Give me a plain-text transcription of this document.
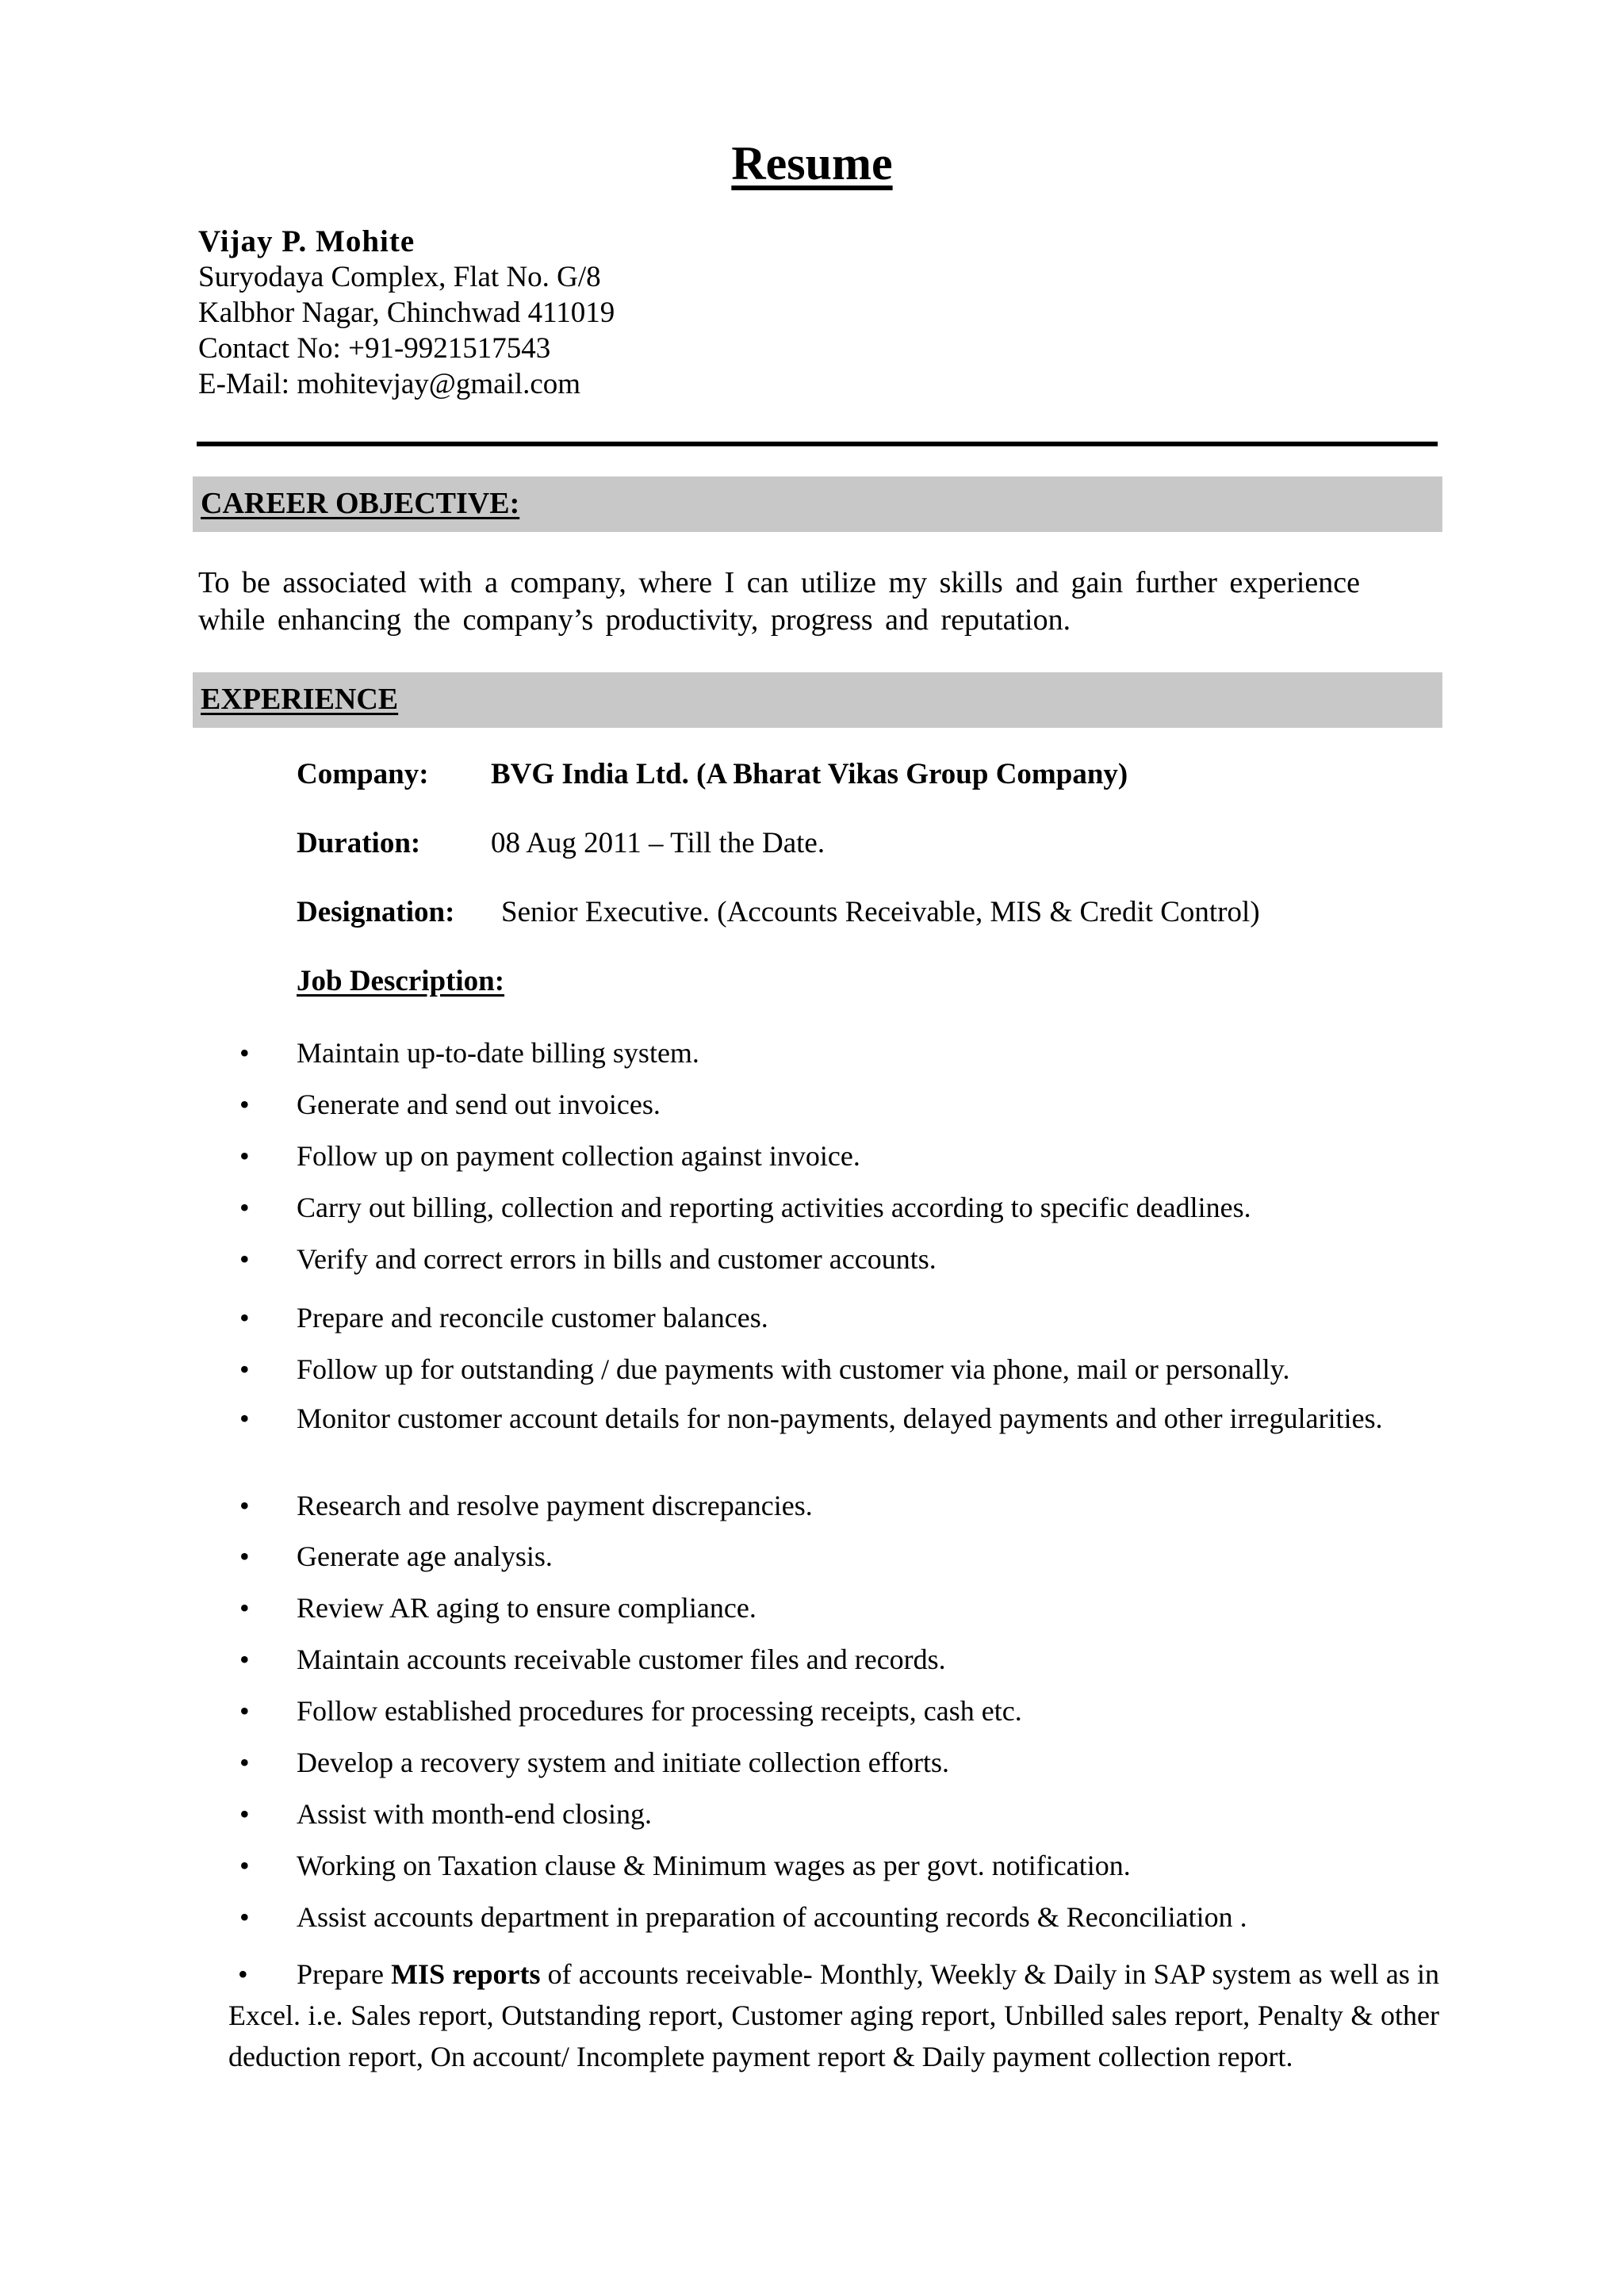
Resume
Vijay P. Mohite
Suryodaya Complex, Flat No. G/8
Kalbhor Nagar, Chinchwad 411019
Contact No: +91-9921517543
E-Mail: mohitevjay@gmail.com
CAREER OBJECTIVE:
To be associated with a company, where I can utilize my skills and gain further experience while enhancing the company’s productivity, progress and reputation.
EXPERIENCE
Company: BVG India Ltd. (A Bharat Vikas Group Company)
Duration: 08 Aug 2011 – Till the Date.
Designation: Senior Executive. (Accounts Receivable, MIS & Credit Control)
Job Description:
• Maintain up-to-date billing system.
• Generate and send out invoices.
• Follow up on payment collection against invoice.
• Carry out billing, collection and reporting activities according to specific deadlines.
• Verify and correct errors in bills and customer accounts.
• Prepare and reconcile customer balances.
• Follow up for outstanding / due payments with customer via phone, mail or personally.
• Monitor customer account details for non-payments, delayed payments and other irregularities.
• Research and resolve payment discrepancies.
• Generate age analysis.
• Review AR aging to ensure compliance.
• Maintain accounts receivable customer files and records.
• Follow established procedures for processing receipts, cash etc.
• Develop a recovery system and initiate collection efforts.
• Assist with month-end closing.
• Working on Taxation clause & Minimum wages as per govt. notification.
• Assist accounts department in preparation of accounting records & Reconciliation .
• Prepare MIS reports of accounts receivable- Monthly, Weekly & Daily in SAP system as well as in Excel. i.e. Sales report, Outstanding report, Customer aging report, Unbilled sales report, Penalty & other deduction report, On account/ Incomplete payment report & Daily payment collection report.
